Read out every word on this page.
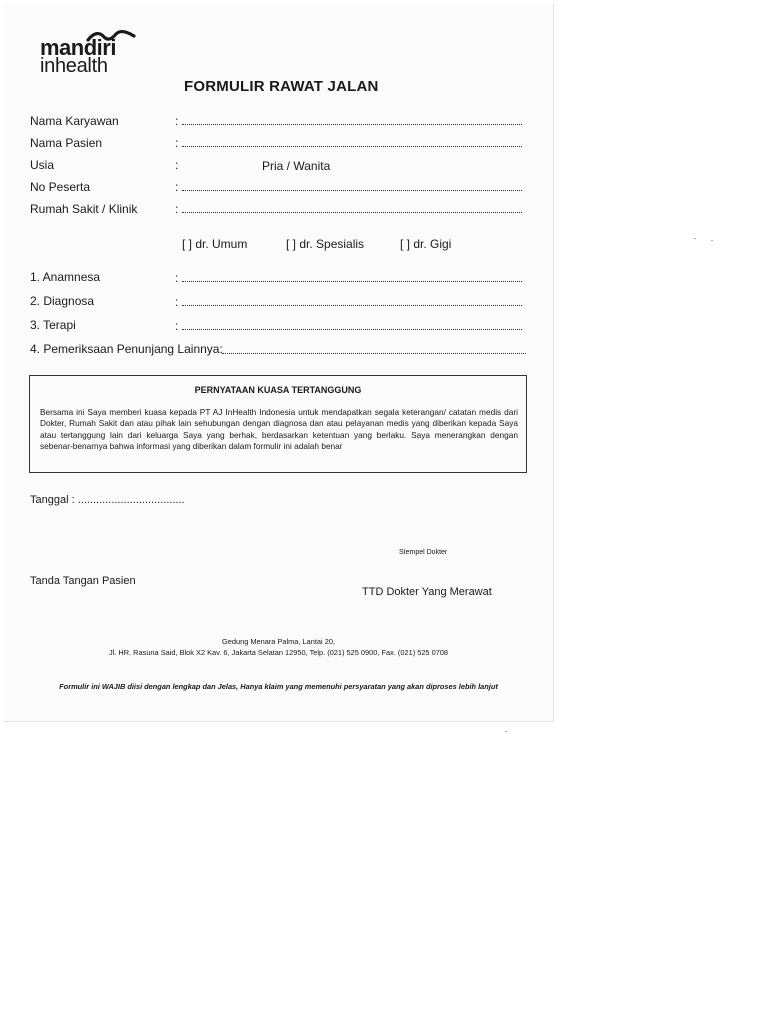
mandiri
inhealth
FORMULIR RAWAT JALAN
Nama Karyawan	:
Nama Pasien	:
Usia	:	Pria / Wanita
No Peserta	:
Rumah Sakit / Klinik	:
[ ] dr. Umum	[ ] dr. Spesialis	[ ] dr. Gigi
1. Anamnesa	:
2. Diagnosa	:
3. Terapi	:
4. Pemeriksaan Penunjang Lainnya:
PERNYATAAN KUASA TERTANGGUNG
Bersama ini Saya memberi kuasa kepada PT AJ InHealth Indonesia untuk mendapatkan segala keterangan/ catatan medis dari Dokter, Rumah Sakit dan atau pihak lain sehubungan dengan diagnosa dan atau pelayanan medis yang diberikan kepada Saya atau tertanggung lain dari keluarga Saya yang berhak, berdasarkan ketentuan yang berlaku. Saya menerangkan dengan sebenar-benarnya bahwa informasi yang diberikan dalam formulir ini adalah benar
Tanggal : ...................................
Stempel Dokter
Tanda Tangan Pasien
TTD Dokter Yang Merawat
Gedung Menara Palma, Lantai 20,
Jl. HR. Rasuna Said, Blok X2 Kav. 6, Jakarta Selatan 12950, Telp. (021) 525 0900, Fax. (021) 525 0708
Formulir ini WAJIB diisi dengan lengkap dan Jelas, Hanya klaim yang memenuhi persyaratan yang akan diproses lebih lanjut
